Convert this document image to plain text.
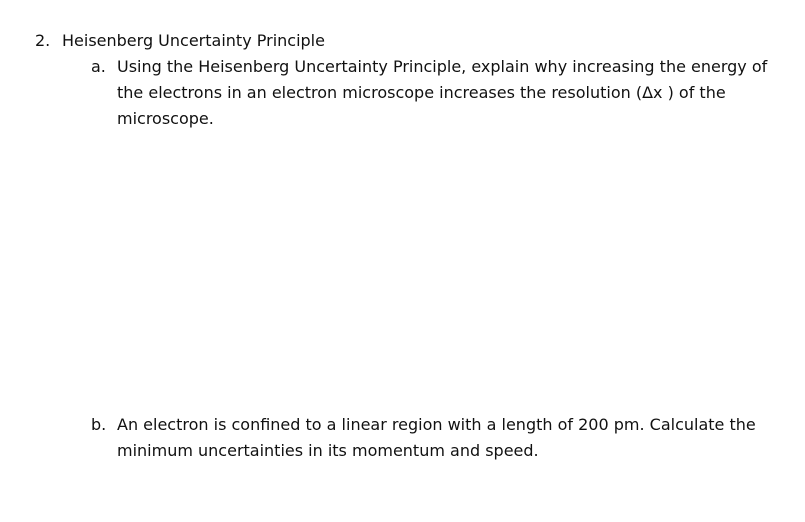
2. Heisenberg Uncertainty Principle
a. Using the Heisenberg Uncertainty Principle, explain why increasing the energy of the electrons in an electron microscope increases the resolution (Δx ) of the microscope.
b. An electron is confined to a linear region with a length of 200 pm. Calculate the minimum uncertainties in its momentum and speed.
